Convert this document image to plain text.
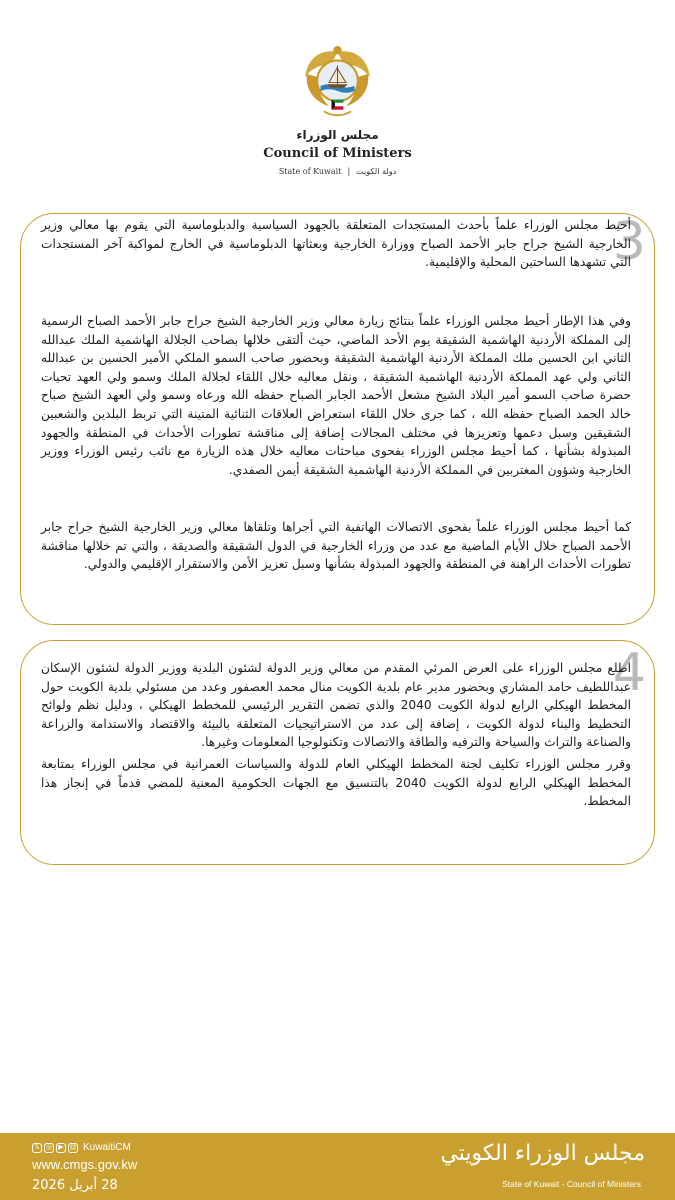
مجلس الوزراء
Council of Ministers
State of Kuwait | دولة الكويت
3

أحيط مجلس الوزراء علماً بأحدث المستجدات المتعلقة بالجهود السياسية والدبلوماسية التي يقوم بها معالي وزير الخارجية الشيخ جراح جابر الأحمد الصباح ووزارة الخارجية وبعثاتها الدبلوماسية في الخارج لمواكبة آخر المستجدات التي تشهدها الساحتين المحلية والإقليمية.

وفي هذا الإطار أحيط مجلس الوزراء علماً بنتائج زيارة معالي وزير الخارجية الشيخ جراح جابر الأحمد الصباح الرسمية إلى المملكة الأردنية الهاشمية الشقيقة يوم الأحد الماضي، حيث ألتقى خلالها بصاحب الجلالة الهاشمية الملك عبدالله الثاني ابن الحسين ملك المملكة الأردنية الهاشمية الشقيقة وبحضور صاحب السمو الملكي الأمير الحسين بن عبدالله الثاني ولي عهد المملكة الأردنية الهاشمية الشقيقة ، ونقل معاليه خلال اللقاء لجلالة الملك وسمو ولي العهد تحيات حضرة صاحب السمو أمير البلاد الشيخ مشعل الأحمد الجابر الصباح حفظه الله ورعاه وسمو ولي العهد الشيخ صباح خالد الحمد الصباح حفظه الله ، كما جرى خلال اللقاء استعراض العلاقات الثنائية المتينة التي تربط البلدين والشعبين الشقيقين وسبل دعمها وتعزيزها في مختلف المجالات إضافة إلى مناقشة تطورات الأحداث في المنطقة والجهود المبذولة بشأنها ، كما أحيط مجلس الوزراء بفحوى مباحثات معاليه خلال هذه الزيارة مع نائب رئيس الوزراء ووزير الخارجية وشؤون المغتربين في المملكة الأردنية الهاشمية الشقيقة أيمن الصفدي.

كما أحيط مجلس الوزراء علماً بفحوى الاتصالات الهاتفية التي أجراها وتلقاها معالي وزير الخارجية الشيخ جراح جابر الأحمد الصباح خلال الأيام الماضية مع عدد من وزراء الخارجية في الدول الشقيقة والصديقة ، والتي تم خلالها مناقشة تطورات الأحداث الراهنة في المنطقة والجهود المبذولة بشأنها وسبل تعزيز الأمن والاستقرار الإقليمي والدولي.

4

اطلع مجلس الوزراء على العرض المرئي المقدم من معالي وزير الدولة لشئون البلدية ووزير الدولة لشئون الإسكان عبداللطيف حامد المشاري وبحضور مدير عام بلدية الكويت منال محمد العصفور وعدد من مسئولي بلدية الكويت حول المخطط الهيكلي الرابع لدولة الكويت 2040 والذي تضمن التقرير الرئيسي للمخطط الهيكلي ، ودليل نظم ولوائح التخطيط والبناء لدولة الكويت ، إضافة إلى عدد من الاستراتيجيات المتعلقة بالبيئة والاقتصاد والاستدامة والزراعة والصناعة والتراث والسياحة والترفيه والطاقة والاتصالات وتكنولوجيا المعلومات وغيرها.

وقرر مجلس الوزراء تكليف لجنة المخطط الهيكلي العام للدولة والسياسات العمرانية في مجلس الوزراء بمتابعة المخطط الهيكلي الرابع لدولة الكويت 2040 بالتنسيق مع الجهات الحكومية المعنية للمضي قدماً في إنجاز هذا المخطط.

𝕏 ◎ ▶ @ KuwaitiCM
www.cmgs.gov.kw
28 أبريل 2026
مجلس الوزراء الكويتي
State of Kuwait - Council of Ministers
